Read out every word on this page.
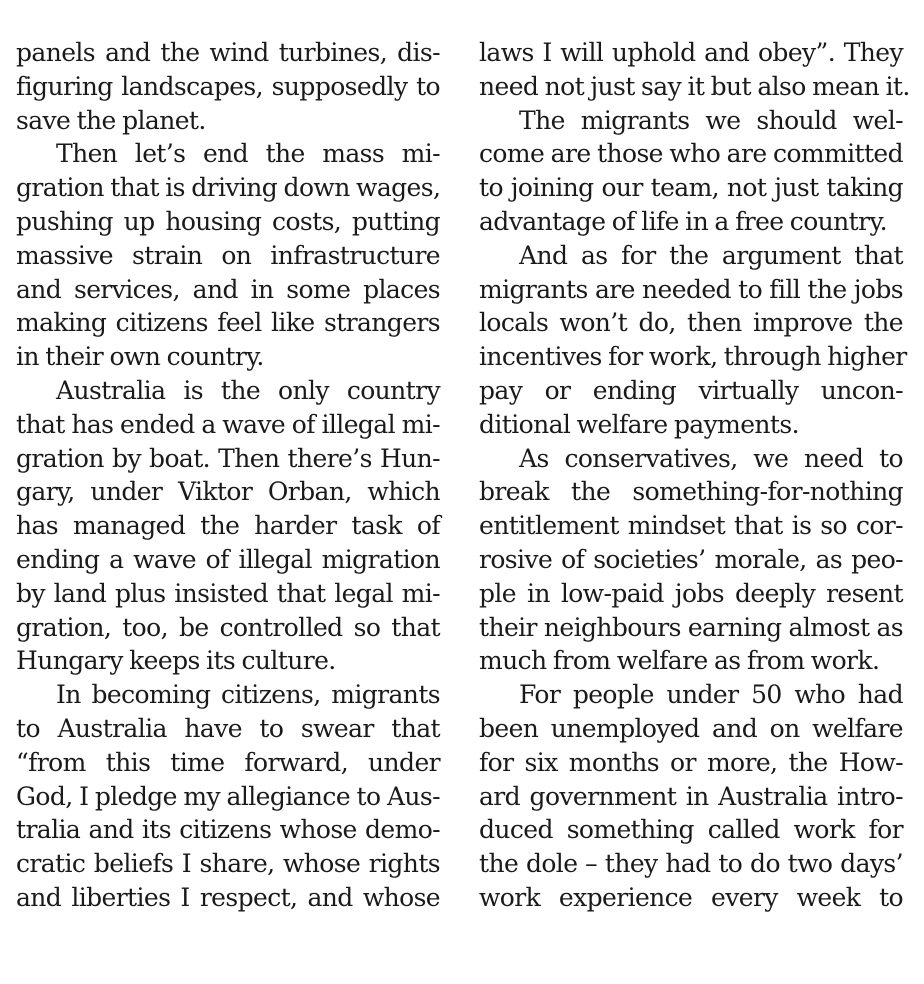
panels and the wind turbines, dis-
figuring landscapes, supposedly to
save the planet.
Then let’s end the mass mi-
gration that is driving down wages,
pushing up housing costs, putting
massive strain on infrastructure
and services, and in some places
making citizens feel like strangers
in their own country.
Australia is the only country
that has ended a wave of illegal mi-
gration by boat. Then there’s Hun-
gary, under Viktor Orban, which
has managed the harder task of
ending a wave of illegal migration
by land plus insisted that legal mi-
gration, too, be controlled so that
Hungary keeps its culture.
In becoming citizens, migrants
to Australia have to swear that
“from this time forward, under
God, I pledge my allegiance to Aus-
tralia and its citizens whose demo-
cratic beliefs I share, whose rights
and liberties I respect, and whose
laws I will uphold and obey”. They
need not just say it but also mean it.
The migrants we should wel-
come are those who are committed
to joining our team, not just taking
advantage of life in a free country.
And as for the argument that
migrants are needed to fill the jobs
locals won’t do, then improve the
incentives for work, through higher
pay or ending virtually uncon-
ditional welfare payments.
As conservatives, we need to
break the something-for-nothing
entitlement mindset that is so cor-
rosive of societies’ morale, as peo-
ple in low-paid jobs deeply resent
their neighbours earning almost as
much from welfare as from work.
For people under 50 who had
been unemployed and on welfare
for six months or more, the How-
ard government in Australia intro-
duced something called work for
the dole – they had to do two days’
work experience every week to
